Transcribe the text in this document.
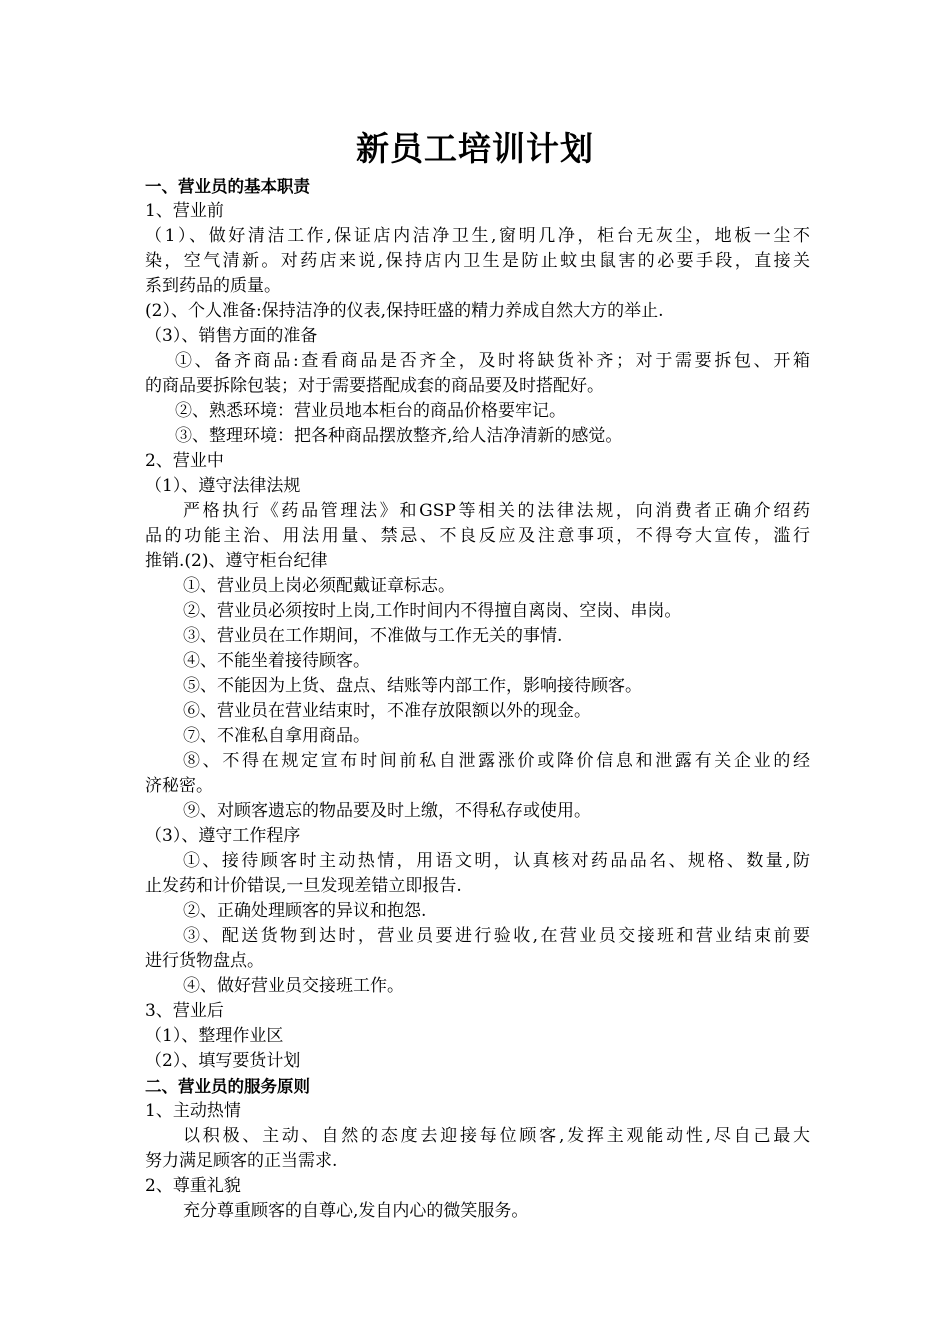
新员工培训计划
一、营业员的基本职责
1、营业前
（1）、做好清洁工作,保证店内洁净卫生,窗明几净，柜台无灰尘，地板一尘不
染，空气清新。对药店来说,保持店内卫生是防止蚊虫鼠害的必要手段，直接关
系到药品的质量。
(2）、个人准备:保持洁净的仪表,保持旺盛的精力养成自然大方的举止.
（3）、销售方面的准备
①、备齐商品:查看商品是否齐全，及时将缺货补齐；对于需要拆包、开箱
的商品要拆除包装；对于需要搭配成套的商品要及时搭配好。
②、熟悉环境：营业员地本柜台的商品价格要牢记。
③、整理环境：把各种商品摆放整齐,给人洁净清新的感觉。
2、营业中
（1）、遵守法律法规
严格执行《药品管理法》和GSP等相关的法律法规，向消费者正确介绍药
品的功能主治、用法用量、禁忌、不良反应及注意事项，不得夸大宣传，滥行
推销.(2)、遵守柜台纪律
①、营业员上岗必须配戴证章标志。
②、营业员必须按时上岗,工作时间内不得擅自离岗、空岗、串岗。
③、营业员在工作期间，不准做与工作无关的事情.
④、不能坐着接待顾客。
⑤、不能因为上货、盘点、结账等内部工作，影响接待顾客。
⑥、营业员在营业结束时，不准存放限额以外的现金。
⑦、不准私自拿用商品。
⑧、不得在规定宣布时间前私自泄露涨价或降价信息和泄露有关企业的经
济秘密。
⑨、对顾客遗忘的物品要及时上缴，不得私存或使用。
（3）、遵守工作程序
①、接待顾客时主动热情，用语文明，认真核对药品品名、规格、数量,防
止发药和计价错误,一旦发现差错立即报告.
②、正确处理顾客的异议和抱怨.
③、配送货物到达时，营业员要进行验收,在营业员交接班和营业结束前要
进行货物盘点。
④、做好营业员交接班工作。
3、营业后
（1）、整理作业区
（2）、填写要货计划
二、营业员的服务原则
1、主动热情
以积极、主动、自然的态度去迎接每位顾客,发挥主观能动性,尽自己最大
努力满足顾客的正当需求.
2、尊重礼貌
充分尊重顾客的自尊心,发自内心的微笑服务。
